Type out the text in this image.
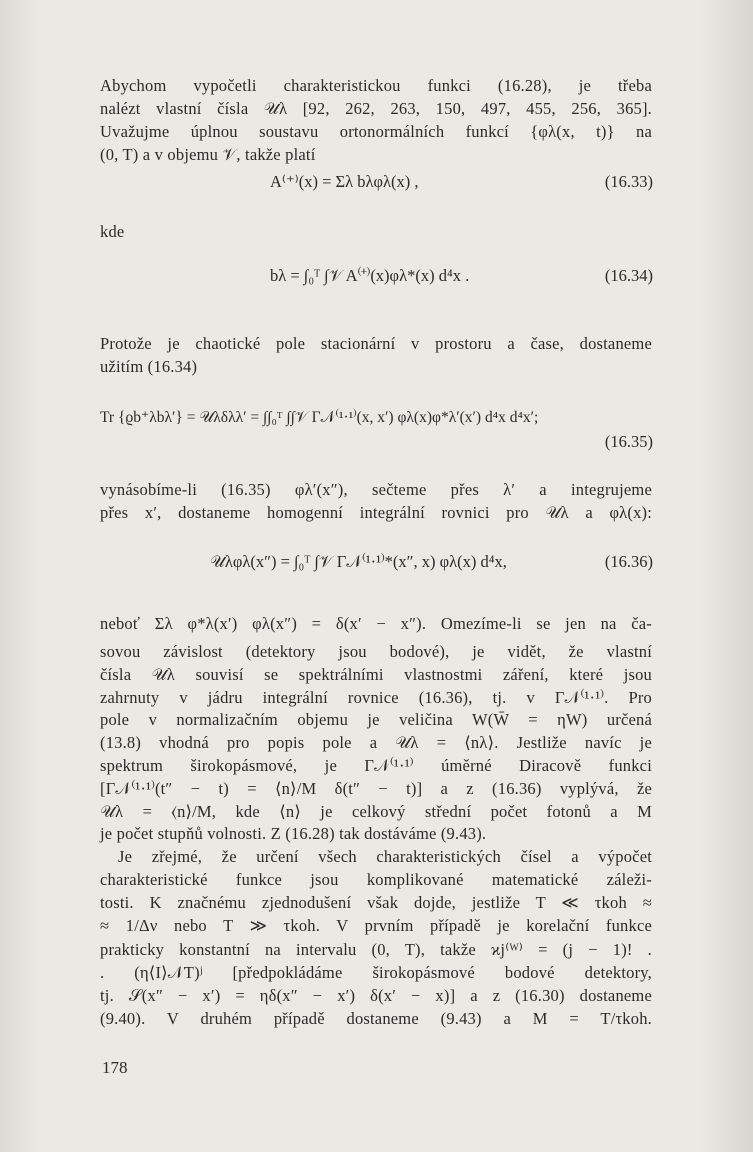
Abychom vypočetli charakteristickou funkci (16.28), je třeba
nalézt vlastní čísla 𝒰λ [92, 262, 263, 150, 497, 455, 256, 365].
Uvažujme úplnou soustavu ortonormálních funkcí {φλ(x, t)} na
(0, T) a v objemu 𝒱, takže platí
A⁽⁺⁾(x) = Σλ bλφλ(x) ,	(16.33)
kde
bλ = ∫₀ᵀ ∫𝒱 A⁽⁺⁾(x)φλ*(x) d⁴x .	(16.34)
Protože je chaotické pole stacionární v prostoru a čase, dostaneme
užitím (16.34)
Tr {ϱb⁺λbλ′} = 𝒰λδλλ′ = ∫∫₀ᵀ ∫∫𝒱 Γ𝒩⁽¹·¹⁾(x, x′) φλ(x)φ*λ′(x′) d⁴x d⁴x′;
(16.35)
vynásobíme-li (16.35) φλ′(x″), sečteme přes λ′ a integrujeme
přes x′, dostaneme homogenní integrální rovnici pro 𝒰λ a φλ(x):
𝒰λφλ(x″) = ∫₀ᵀ ∫𝒱 Γ𝒩⁽¹·¹⁾*(x″, x) φλ(x) d⁴x,	(16.36)
neboť Σλ φ*λ(x′) φλ(x″) = δ(x′ − x″). Omezíme-li se jen na ča-
sovou závislost (detektory jsou bodové), je vidět, že vlastní
čísla 𝒰λ souvisí se spektrálními vlastnostmi záření, které jsou
zahrnuty v jádru integrální rovnice (16.36), tj. v Γ𝒩⁽¹·¹⁾. Pro
pole v normalizačním objemu je veličina W(W̄ = ηW) určená
(13.8) vhodná pro popis pole a 𝒰λ = ⟨nλ⟩. Jestliže navíc je
spektrum širokopásmové, je Γ𝒩⁽¹·¹⁾ úměrné Diracově funkci
[Γ𝒩⁽¹·¹⁾(t″ − t) = ⟨n⟩/M δ(t″ − t)] a z (16.36) vyplývá, že
𝒰λ = ⟨n⟩/M, kde ⟨n⟩ je celkový střední počet fotonů a M
je počet stupňů volnosti. Z (16.28) tak dostáváme (9.43).
Je zřejmé, že určení všech charakteristických čísel a výpočet
charakteristické funkce jsou komplikované matematické záleži-
tosti. K značnému zjednodušení však dojde, jestliže T ≪ τkoh ≈
≈ 1/Δν nebo T ≫ τkoh. V prvním případě je korelační funkce
prakticky konstantní na intervalu (0, T), takže ϰj⁽ᵂ⁾ = (j − 1)! .
. (η⟨I⟩𝒩T)ʲ [předpokládáme širokopásmové bodové detektory,
tj. 𝒮(x″ − x′) = ηδ(x″ − x′) δ(x′ − x)] a z (16.30) dostaneme
(9.40). V druhém případě dostaneme (9.43) a M = T/τkoh.
178
